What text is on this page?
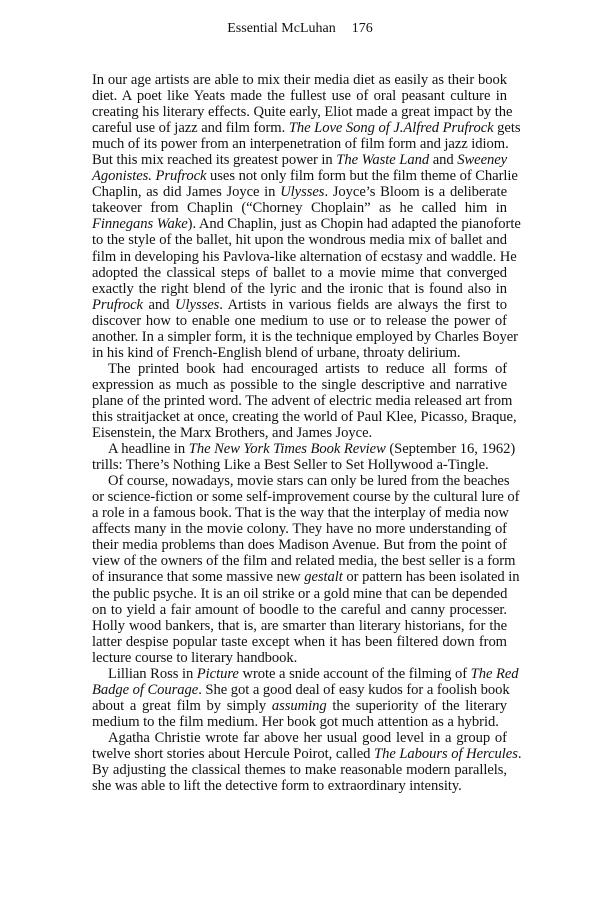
Essential McLuhan 176
In our age artists are able to mix their media diet as easily as their book
diet. A poet like Yeats made the fullest use of oral peasant culture in
creating his literary effects. Quite early, Eliot made a great impact by the
careful use of jazz and film form. The Love Song of J.Alfred Prufrock gets
much of its power from an interpenetration of film form and jazz idiom.
But this mix reached its greatest power in The Waste Land and Sweeney
Agonistes. Prufrock uses not only film form but the film theme of Charlie
Chaplin, as did James Joyce in Ulysses. Joyce’s Bloom is a deliberate
takeover from Chaplin (“Chorney Choplain” as he called him in
Finnegans Wake). And Chaplin, just as Chopin had adapted the pianoforte
to the style of the ballet, hit upon the wondrous media mix of ballet and
film in developing his Pavlova-like alternation of ecstasy and waddle. He
adopted the classical steps of ballet to a movie mime that converged
exactly the right blend of the lyric and the ironic that is found also in
Prufrock and Ulysses. Artists in various fields are always the first to
discover how to enable one medium to use or to release the power of
another. In a simpler form, it is the technique employed by Charles Boyer
in his kind of French-English blend of urbane, throaty delirium.
The printed book had encouraged artists to reduce all forms of
expression as much as possible to the single descriptive and narrative
plane of the printed word. The advent of electric media released art from
this straitjacket at once, creating the world of Paul Klee, Picasso, Braque,
Eisenstein, the Marx Brothers, and James Joyce.
A headline in The New York Times Book Review (September 16, 1962)
trills: There’s Nothing Like a Best Seller to Set Hollywood a-Tingle.
Of course, nowadays, movie stars can only be lured from the beaches
or science-fiction or some self-improvement course by the cultural lure of
a role in a famous book. That is the way that the interplay of media now
affects many in the movie colony. They have no more understanding of
their media problems than does Madison Avenue. But from the point of
view of the owners of the film and related media, the best seller is a form
of insurance that some massive new gestalt or pattern has been isolated in
the public psyche. It is an oil strike or a gold mine that can be depended
on to yield a fair amount of boodle to the careful and canny processer.
Holly wood bankers, that is, are smarter than literary historians, for the
latter despise popular taste except when it has been filtered down from
lecture course to literary handbook.
Lillian Ross in Picture wrote a snide account of the filming of The Red
Badge of Courage. She got a good deal of easy kudos for a foolish book
about a great film by simply assuming the superiority of the literary
medium to the film medium. Her book got much attention as a hybrid.
Agatha Christie wrote far above her usual good level in a group of
twelve short stories about Hercule Poirot, called The Labours of Hercules.
By adjusting the classical themes to make reasonable modern parallels,
she was able to lift the detective form to extraordinary intensity.
